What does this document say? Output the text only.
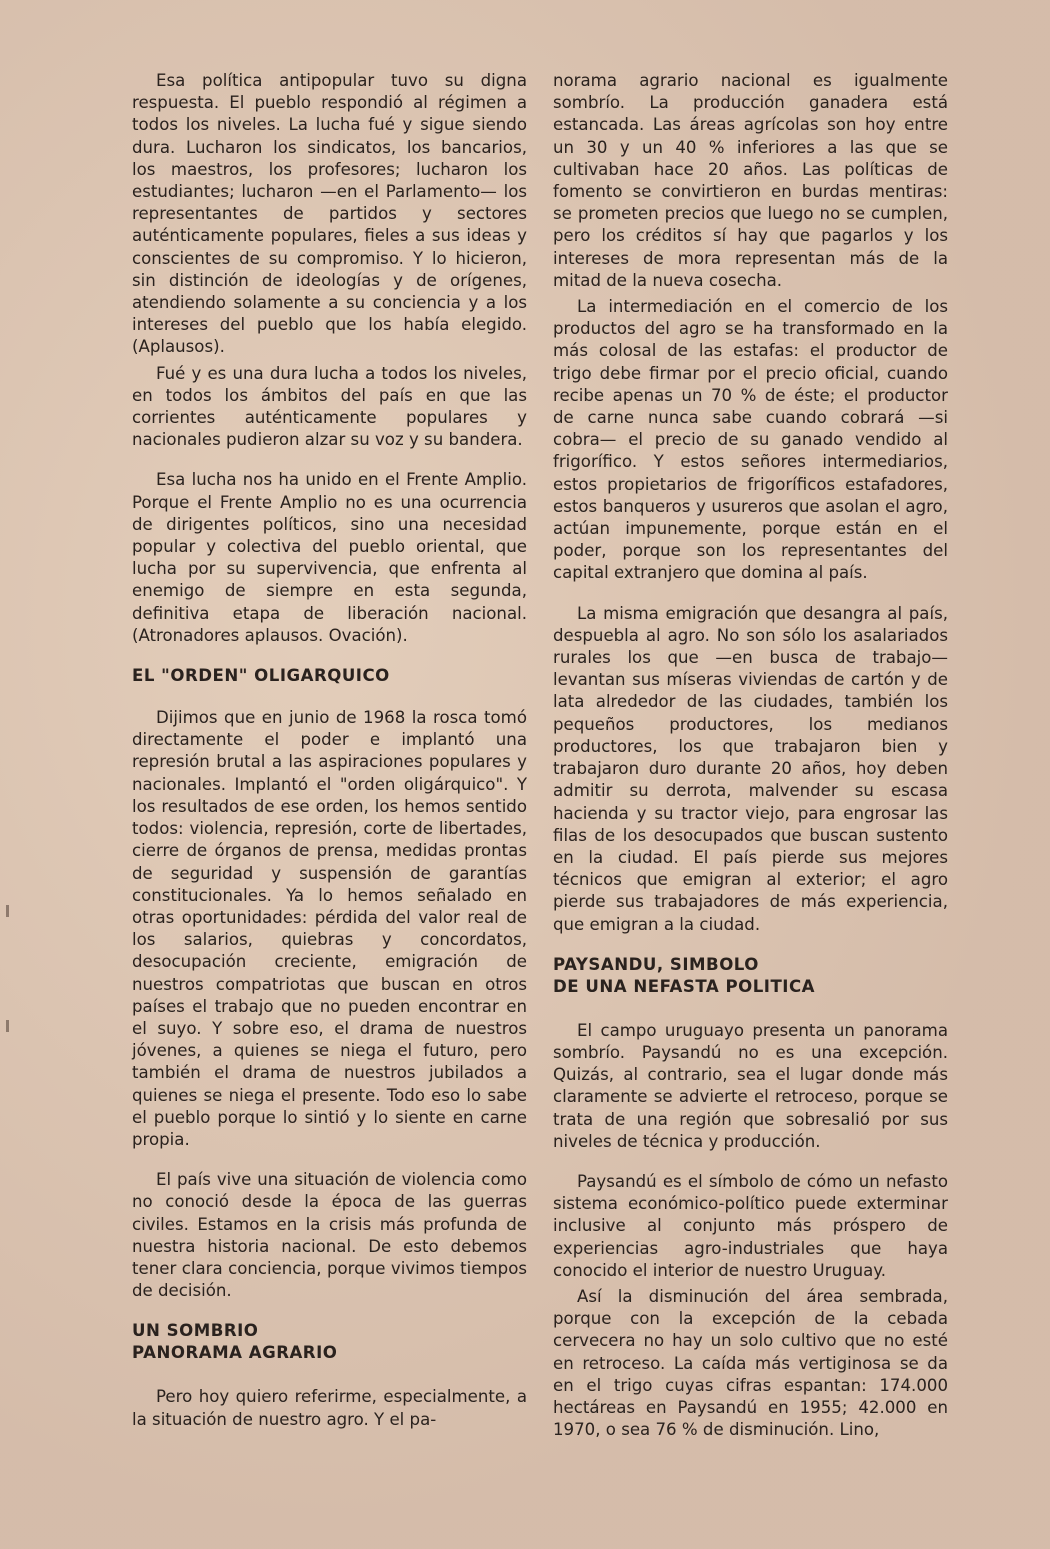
Esa política antipopular tuvo su digna respuesta. El pueblo respondió al régimen a todos los niveles. La lucha fué y sigue siendo dura. Lucharon los sindicatos, los bancarios, los maestros, los profesores; lucharon los estudiantes; lucharon —en el Parlamento— los representantes de partidos y sectores auténticamente populares, fieles a sus ideas y conscientes de su compromiso. Y lo hicieron, sin distinción de ideologías y de orígenes, atendiendo solamente a su conciencia y a los intereses del pueblo que los había elegido. (Aplausos).

Fué y es una dura lucha a todos los niveles, en todos los ámbitos del país en que las corrientes auténticamente populares y nacionales pudieron alzar su voz y su bandera.

Esa lucha nos ha unido en el Frente Amplio. Porque el Frente Amplio no es una ocurrencia de dirigentes políticos, sino una necesidad popular y colectiva del pueblo oriental, que lucha por su supervivencia, que enfrenta al enemigo de siempre en esta segunda, definitiva etapa de liberación nacional. (Atronadores aplausos. Ovación).

EL "ORDEN" OLIGARQUICO

Dijimos que en junio de 1968 la rosca tomó directamente el poder e implantó una represión brutal a las aspiraciones populares y nacionales. Implantó el "orden oligárquico". Y los resultados de ese orden, los hemos sentido todos: violencia, represión, corte de libertades, cierre de órganos de prensa, medidas prontas de seguridad y suspensión de garantías constitucionales. Ya lo hemos señalado en otras oportunidades: pérdida del valor real de los salarios, quiebras y concordatos, desocupación creciente, emigración de nuestros compatriotas que buscan en otros países el trabajo que no pueden encontrar en el suyo. Y sobre eso, el drama de nuestros jóvenes, a quienes se niega el futuro, pero también el drama de nuestros jubilados a quienes se niega el presente. Todo eso lo sabe el pueblo porque lo sintió y lo siente en carne propia.

El país vive una situación de violencia como no conoció desde la época de las guerras civiles. Estamos en la crisis más profunda de nuestra historia nacional. De esto debemos tener clara conciencia, porque vivimos tiempos de decisión.

UN SOMBRIO
PANORAMA AGRARIO

Pero hoy quiero referirme, especialmente, a la situación de nuestro agro. Y el pa-

norama agrario nacional es igualmente sombrío. La producción ganadera está estancada. Las áreas agrícolas son hoy entre un 30 y un 40 % inferiores a las que se cultivaban hace 20 años. Las políticas de fomento se convirtieron en burdas mentiras: se prometen precios que luego no se cumplen, pero los créditos sí hay que pagarlos y los intereses de mora representan más de la mitad de la nueva cosecha.

La intermediación en el comercio de los productos del agro se ha transformado en la más colosal de las estafas: el productor de trigo debe firmar por el precio oficial, cuando recibe apenas un 70 % de éste; el productor de carne nunca sabe cuando cobrará —si cobra— el precio de su ganado vendido al frigorífico. Y estos señores intermediarios, estos propietarios de frigoríficos estafadores, estos banqueros y usureros que asolan el agro, actúan impunemente, porque están en el poder, porque son los representantes del capital extranjero que domina al país.

La misma emigración que desangra al país, despuebla al agro. No son sólo los asalariados rurales los que —en busca de trabajo— levantan sus míseras viviendas de cartón y de lata alrededor de las ciudades, también los pequeños productores, los medianos productores, los que trabajaron bien y trabajaron duro durante 20 años, hoy deben admitir su derrota, malvender su escasa hacienda y su tractor viejo, para engrosar las filas de los desocupados que buscan sustento en la ciudad. El país pierde sus mejores técnicos que emigran al exterior; el agro pierde sus trabajadores de más experiencia, que emigran a la ciudad.

PAYSANDU, SIMBOLO
DE UNA NEFASTA POLITICA

El campo uruguayo presenta un panorama sombrío. Paysandú no es una excepción. Quizás, al contrario, sea el lugar donde más claramente se advierte el retroceso, porque se trata de una región que sobresalió por sus niveles de técnica y producción.

Paysandú es el símbolo de cómo un nefasto sistema económico-político puede exterminar inclusive al conjunto más próspero de experiencias agro-industriales que haya conocido el interior de nuestro Uruguay.

Así la disminución del área sembrada, porque con la excepción de la cebada cervecera no hay un solo cultivo que no esté en retroceso. La caída más vertiginosa se da en el trigo cuyas cifras espantan: 174.000 hectáreas en Paysandú en 1955; 42.000 en 1970, o sea 76 % de disminución. Lino,
